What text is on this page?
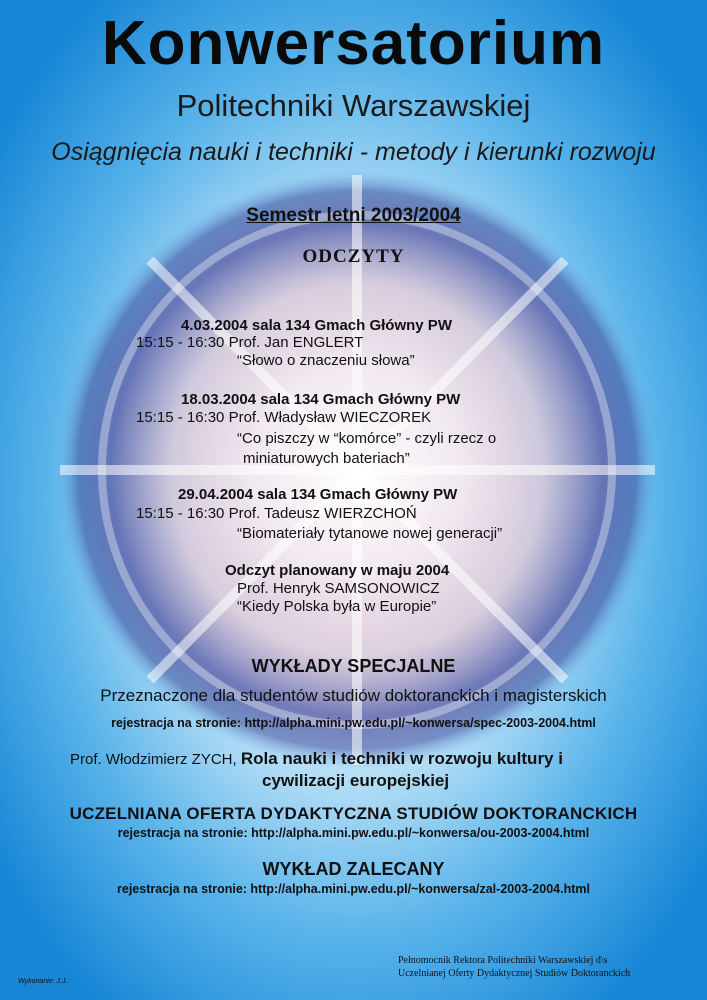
Konwersatorium
Politechniki Warszawskiej
Osiągnięcia nauki i techniki - metody i kierunki rozwoju
Semestr letni 2003/2004
ODCZYTY
4.03.2004 sala 134 Gmach Główny PW
15:15 - 16:30 Prof. Jan ENGLERT
“Słowo o znaczeniu słowa”
18.03.2004 sala 134 Gmach Główny PW
15:15 - 16:30 Prof. Władysław WIECZOREK
“Co piszczy w “komórce” - czyli rzecz o
miniaturowych bateriach”
29.04.2004 sala 134 Gmach Główny PW
15:15 - 16:30 Prof. Tadeusz WIERZCHOŃ
“Biomateriały tytanowe nowej generacji”
Odczyt planowany w maju 2004
Prof. Henryk SAMSONOWICZ
“Kiedy Polska była w Europie”
WYKŁADY SPECJALNE
Przeznaczone dla studentów studiów doktoranckich i magisterskich
rejestracja na stronie: http://alpha.mini.pw.edu.pl/~konwersa/spec-2003-2004.html
Prof. Włodzimierz ZYCH, Rola nauki i techniki w rozwoju kultury i
cywilizacji europejskiej
UCZELNIANA OFERTA DYDAKTYCZNA STUDIÓW DOKTORANCKICH
rejestracja na stronie: http://alpha.mini.pw.edu.pl/~konwersa/ou-2003-2004.html
WYKŁAD ZALECANY
rejestracja na stronie: http://alpha.mini.pw.edu.pl/~konwersa/zal-2003-2004.html
Wykonanie: J.J.
Pełnomocnik Rektora Politechniki Warszawskiej d\s
Uczelnianej Oferty Dydaktycznej Studiów Doktoranckich
